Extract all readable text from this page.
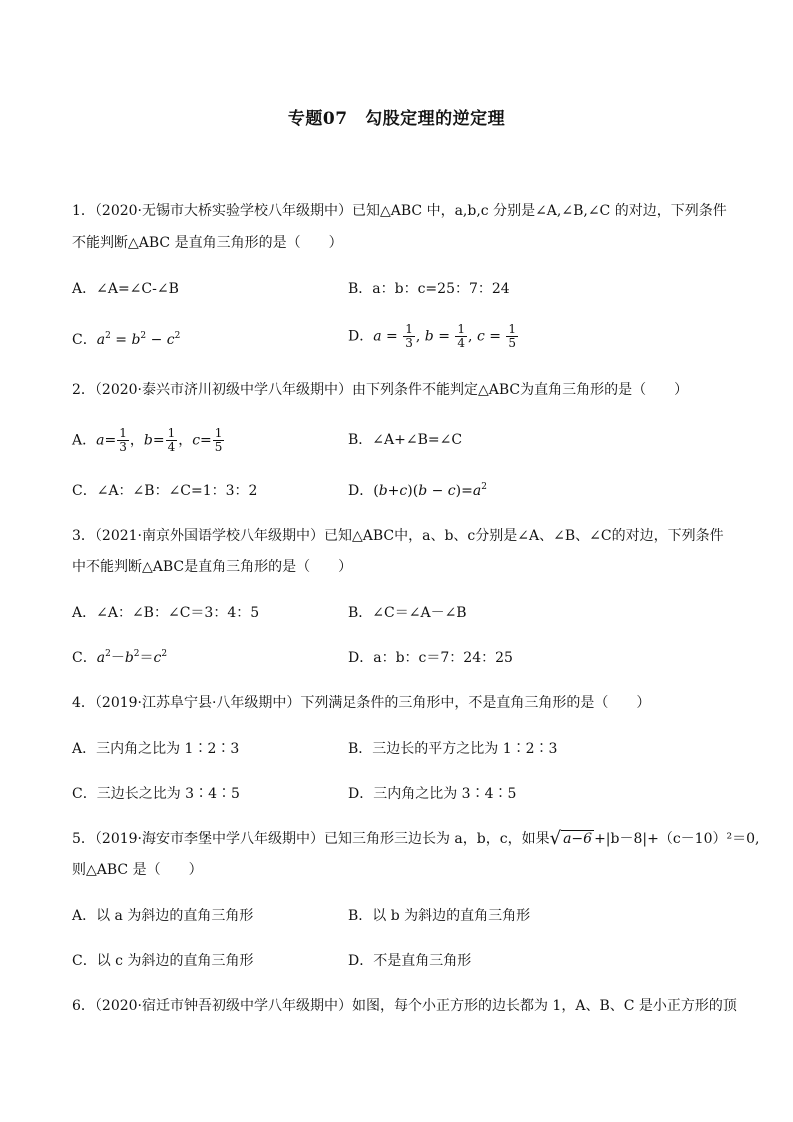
专题07　勾股定理的逆定理
1．（2020·无锡市大桥实验学校八年级期中）已知△ABC 中，a,b,c 分别是∠A,∠B,∠C 的对边，下列条件
不能判断△ABC 是直角三角形的是（　　）
A．∠A=∠C-∠B	B．a：b：c=25：7：24
C．$a^2 = b^2 - c^2$	D．$a = \frac{1}{3}$ , $b = \frac{1}{4}$ , $c = \frac{1}{5}$
2．（2020·泰兴市济川初级中学八年级期中）由下列条件不能判定△ABC为直角三角形的是（　　）
A．$a= \frac{1}{3}$ ，$b= \frac{1}{4}$ ，$c= \frac{1}{5}$	B．∠A+∠B=∠C
C．∠A：∠B：∠C=1：3：2	D．$(b+c)(b - c)=a^2$
3．（2021·南京外国语学校八年级期中）已知△ABC中，a、b、c分别是∠A、∠B、∠C的对边，下列条件
中不能判断△ABC是直角三角形的是（　　）
A．∠A：∠B：∠C＝3：4：5	B．∠C＝∠A－∠B
C．$a^2-b^2=c^2$	D．a：b：c＝7：24：25
4．（2019·江苏阜宁县·八年级期中）下列满足条件的三角形中，不是直角三角形的是（　　）
A．三内角之比为 1∶2∶3	B．三边长的平方之比为 1∶2∶3
C．三边长之比为 3∶4∶5	D．三内角之比为 3∶4∶5
5．（2019·海安市李堡中学八年级期中）已知三角形三边长为 a，b，c，如果√ a−6 +|b－8|+（c－10）²＝0,
则△ABC 是（　　）
A．以 a 为斜边的直角三角形	B．以 b 为斜边的直角三角形
C．以 c 为斜边的直角三角形	D．不是直角三角形
6．（2020·宿迁市钟吾初级中学八年级期中）如图，每个小正方形的边长都为 1，A、B、C 是小正方形的顶
